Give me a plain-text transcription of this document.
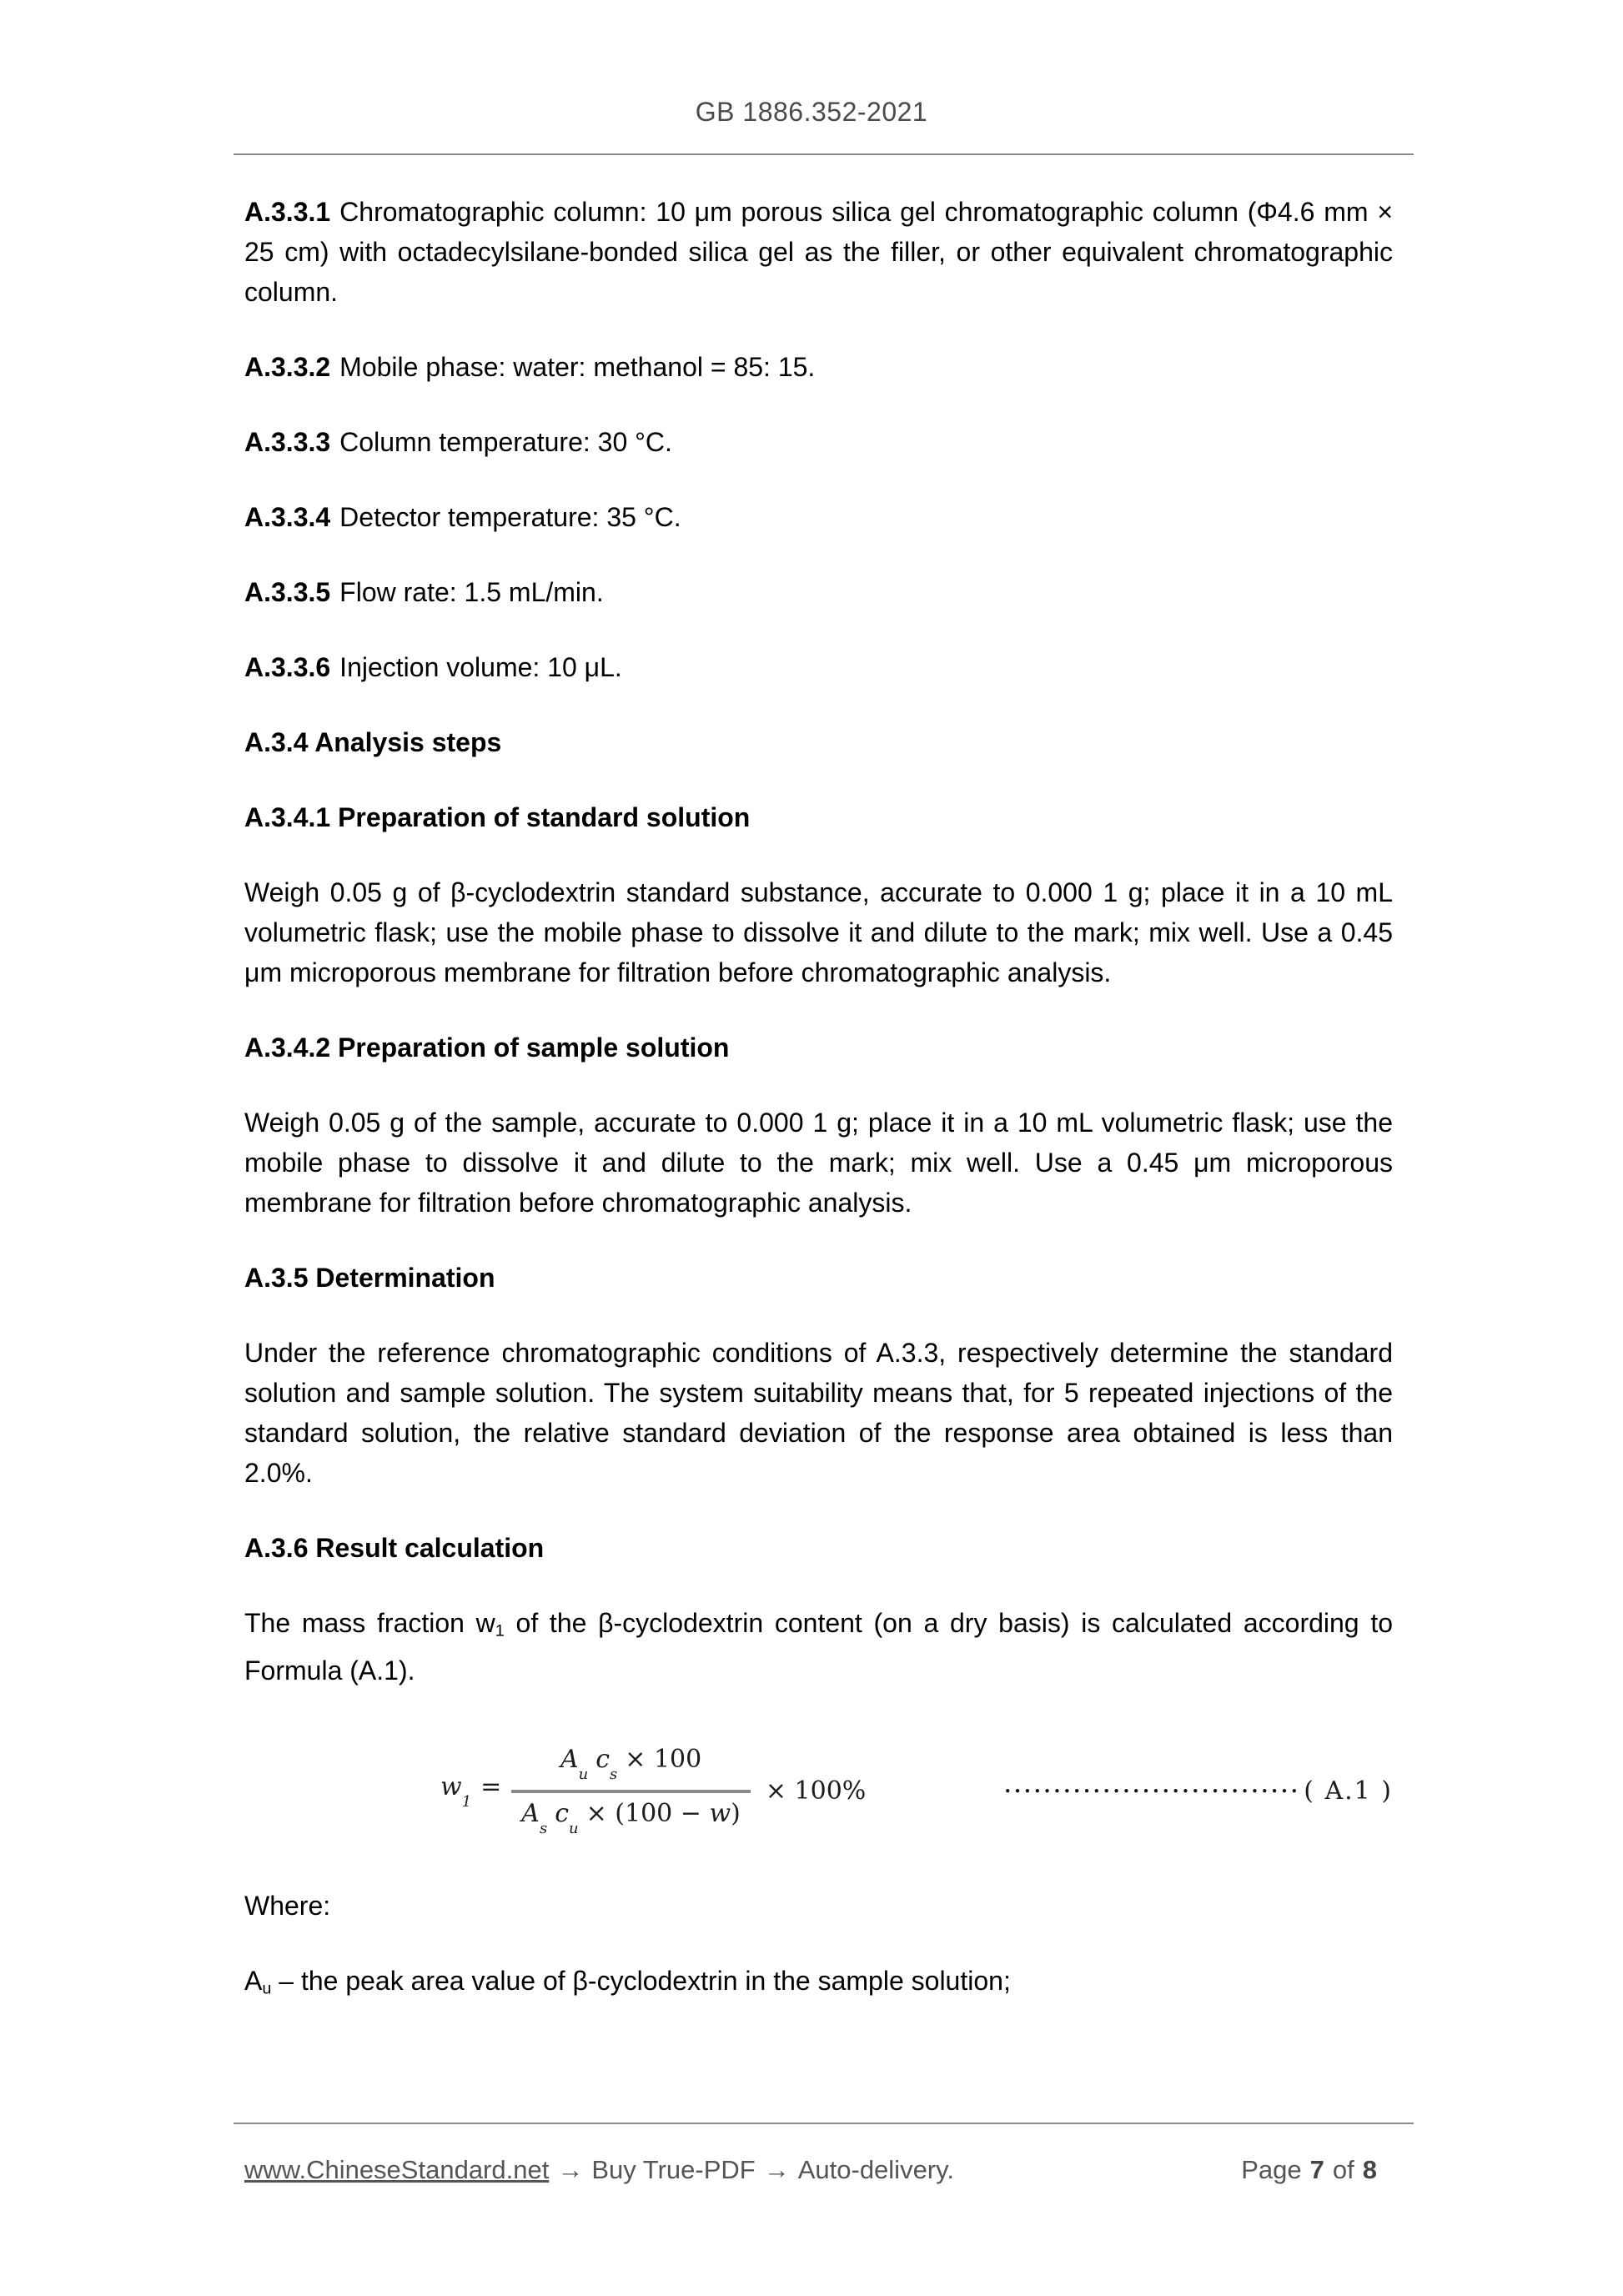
GB 1886.352-2021

A.3.3.1 Chromatographic column: 10 μm porous silica gel chromatographic column (Φ4.6 mm × 25 cm) with octadecylsilane-bonded silica gel as the filler, or other equivalent chromatographic column.

A.3.3.2 Mobile phase: water: methanol = 85: 15.

A.3.3.3 Column temperature: 30 °C.

A.3.3.4 Detector temperature: 35 °C.

A.3.3.5 Flow rate: 1.5 mL/min.

A.3.3.6 Injection volume: 10 μL.

A.3.4 Analysis steps

A.3.4.1 Preparation of standard solution

Weigh 0.05 g of β-cyclodextrin standard substance, accurate to 0.000 1 g; place it in a 10 mL volumetric flask; use the mobile phase to dissolve it and dilute to the mark; mix well. Use a 0.45 μm microporous membrane for filtration before chromatographic analysis.

A.3.4.2 Preparation of sample solution

Weigh 0.05 g of the sample, accurate to 0.000 1 g; place it in a 10 mL volumetric flask; use the mobile phase to dissolve it and dilute to the mark; mix well. Use a 0.45 μm microporous membrane for filtration before chromatographic analysis.

A.3.5 Determination

Under the reference chromatographic conditions of A.3.3, respectively determine the standard solution and sample solution. The system suitability means that, for 5 repeated injections of the standard solution, the relative standard deviation of the response area obtained is less than 2.0%.

A.3.6 Result calculation

The mass fraction $w_1$ of the β-cyclodextrin content (on a dry basis) is calculated according to Formula (A.1).

$w_1= \frac{A_uc_s\times 100}{A_sc_u\times (100 - w)} \times 100\%$	•••••••••••••••••••••••••••••• ( A.1 )

Where:

$A_u$ – the peak area value of β-cyclodextrin in the sample solution;

www.ChineseStandard.net → Buy True-PDF → Auto-delivery.	Page 7 of 8
